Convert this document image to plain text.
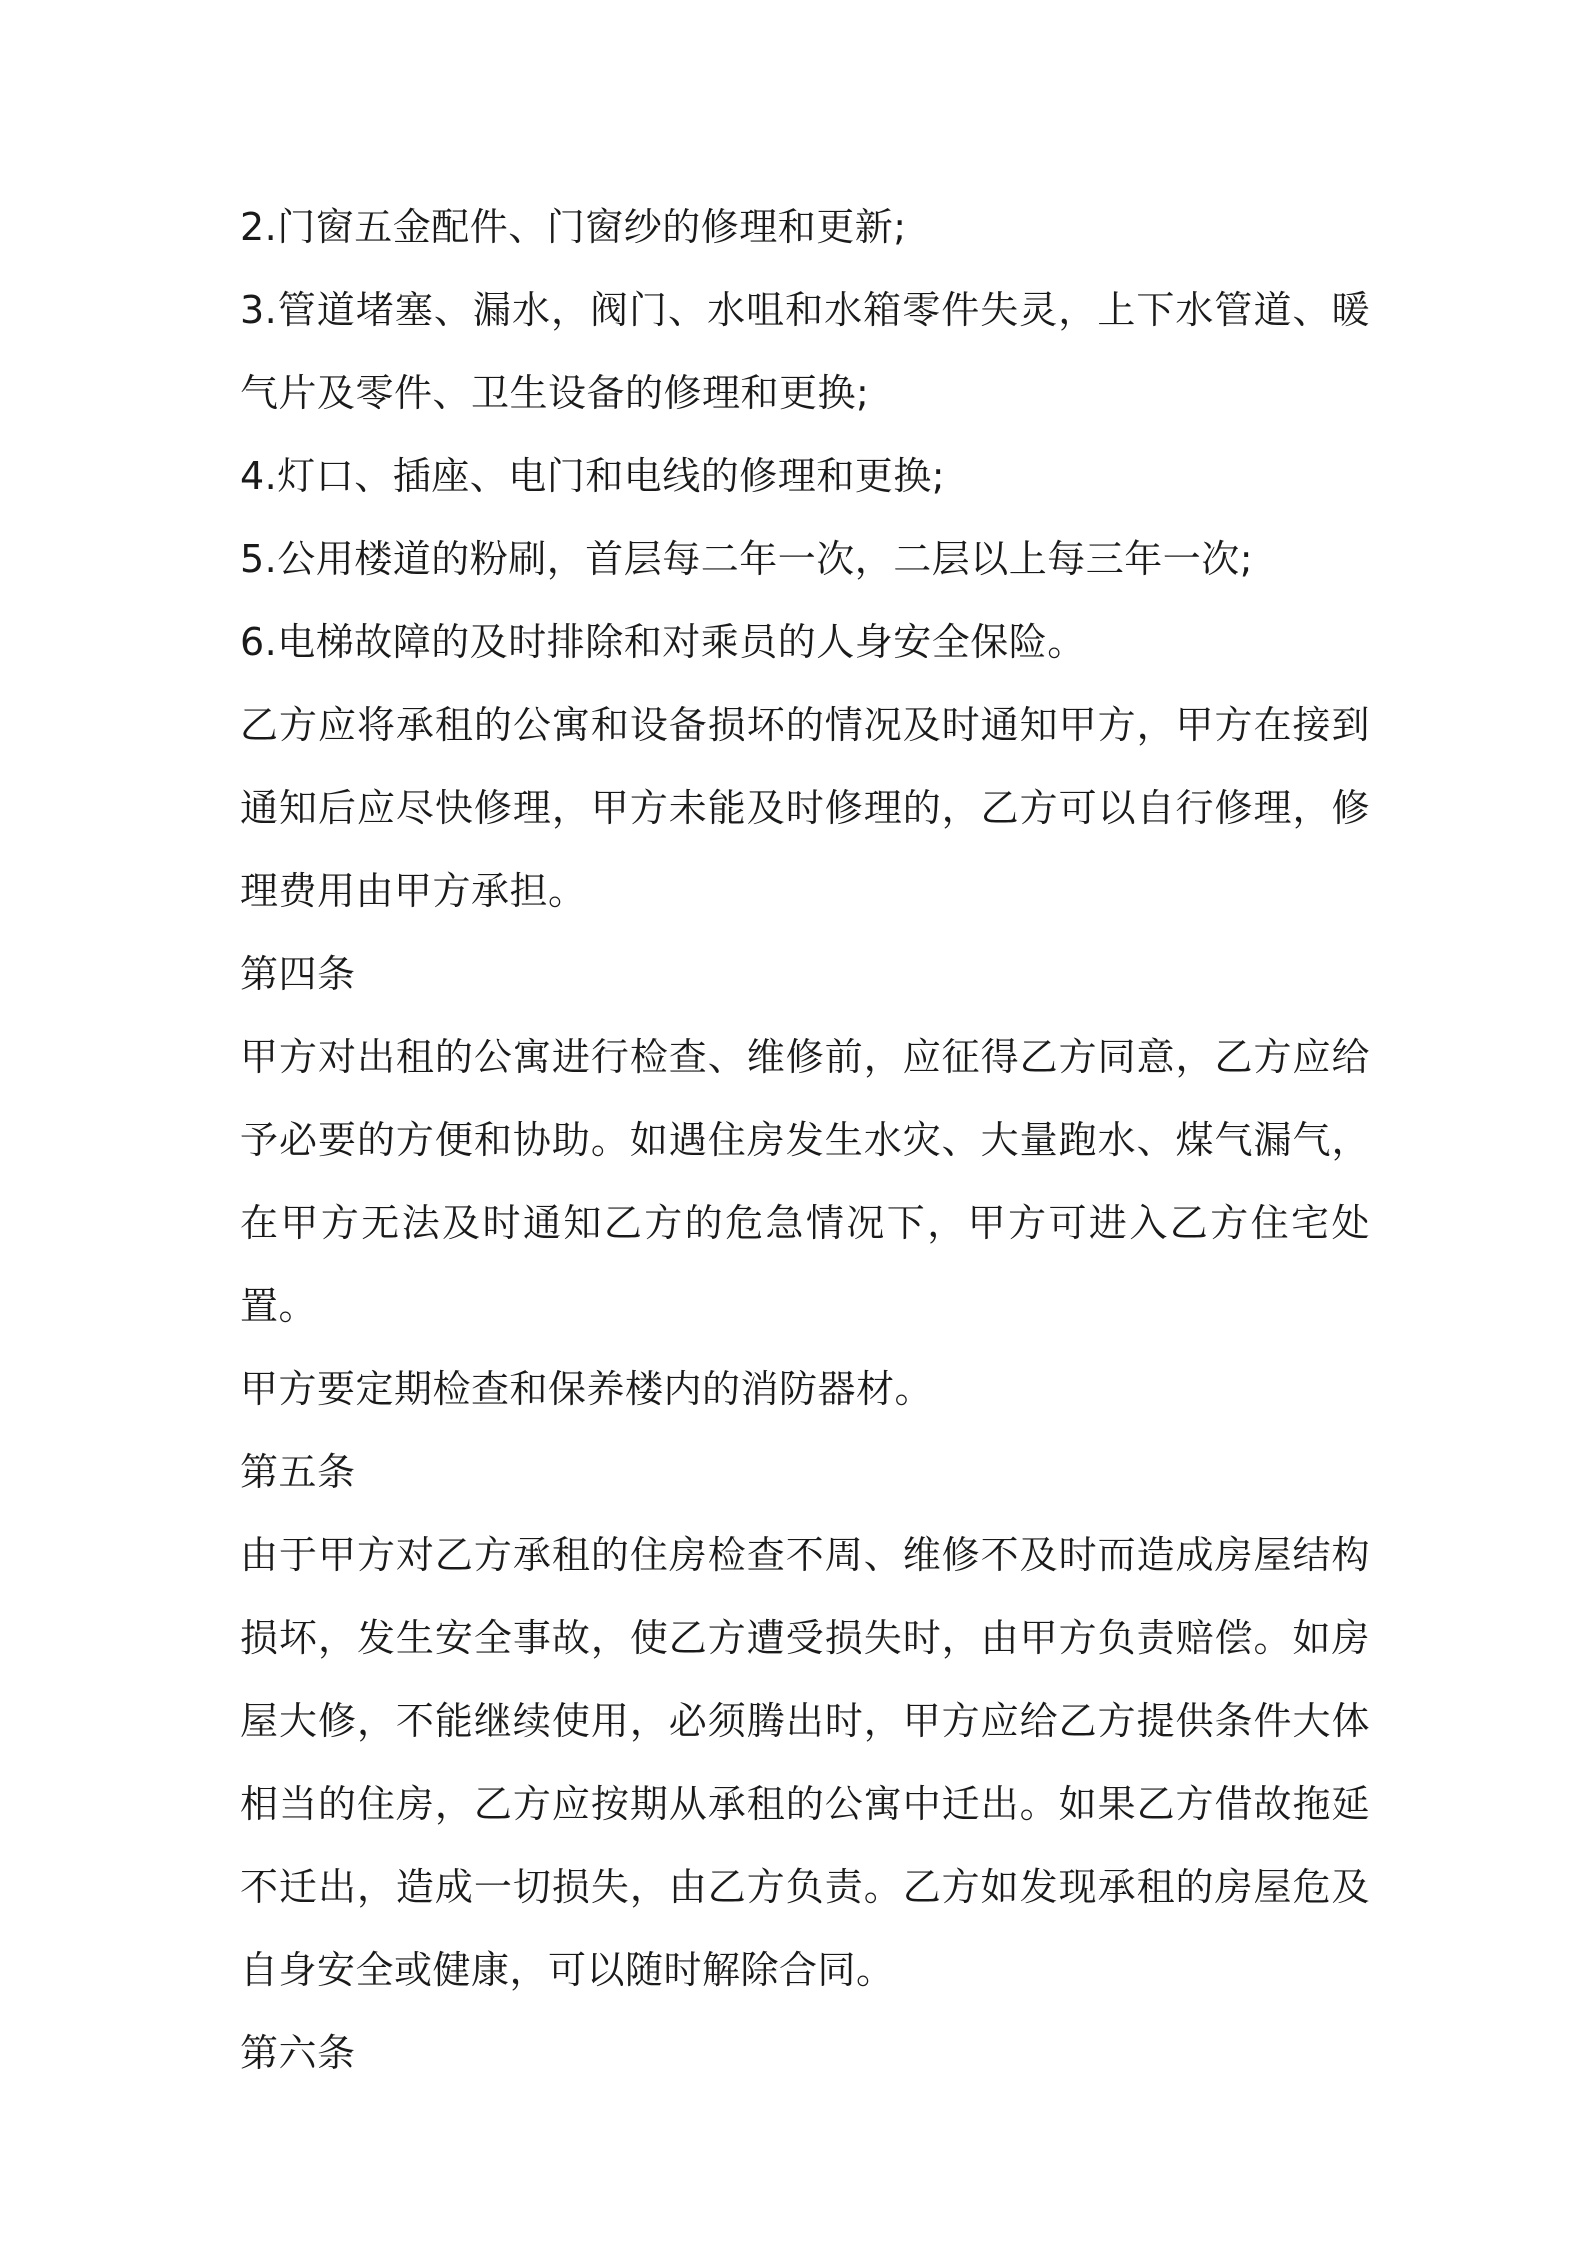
2.门窗五金配件、门窗纱的修理和更新;

3.管道堵塞、漏水，阀门、水咀和水箱零件失灵，上下水管道、暖气片及零件、卫生设备的修理和更换;

4.灯口、插座、电门和电线的修理和更换;

5.公用楼道的粉刷，首层每二年一次，二层以上每三年一次;

6.电梯故障的及时排除和对乘员的人身安全保险。

乙方应将承租的公寓和设备损坏的情况及时通知甲方，甲方在接到通知后应尽快修理，甲方未能及时修理的，乙方可以自行修理，修理费用由甲方承担。

第四条

甲方对出租的公寓进行检查、维修前，应征得乙方同意，乙方应给予必要的方便和协助。如遇住房发生水灾、大量跑水、煤气漏气，在甲方无法及时通知乙方的危急情况下，甲方可进入乙方住宅处置。

甲方要定期检查和保养楼内的消防器材。

第五条

由于甲方对乙方承租的住房检查不周、维修不及时而造成房屋结构损坏，发生安全事故，使乙方遭受损失时，由甲方负责赔偿。如房屋大修，不能继续使用，必须腾出时，甲方应给乙方提供条件大体相当的住房，乙方应按期从承租的公寓中迁出。如果乙方借故拖延不迁出，造成一切损失，由乙方负责。乙方如发现承租的房屋危及自身安全或健康，可以随时解除合同。

第六条
